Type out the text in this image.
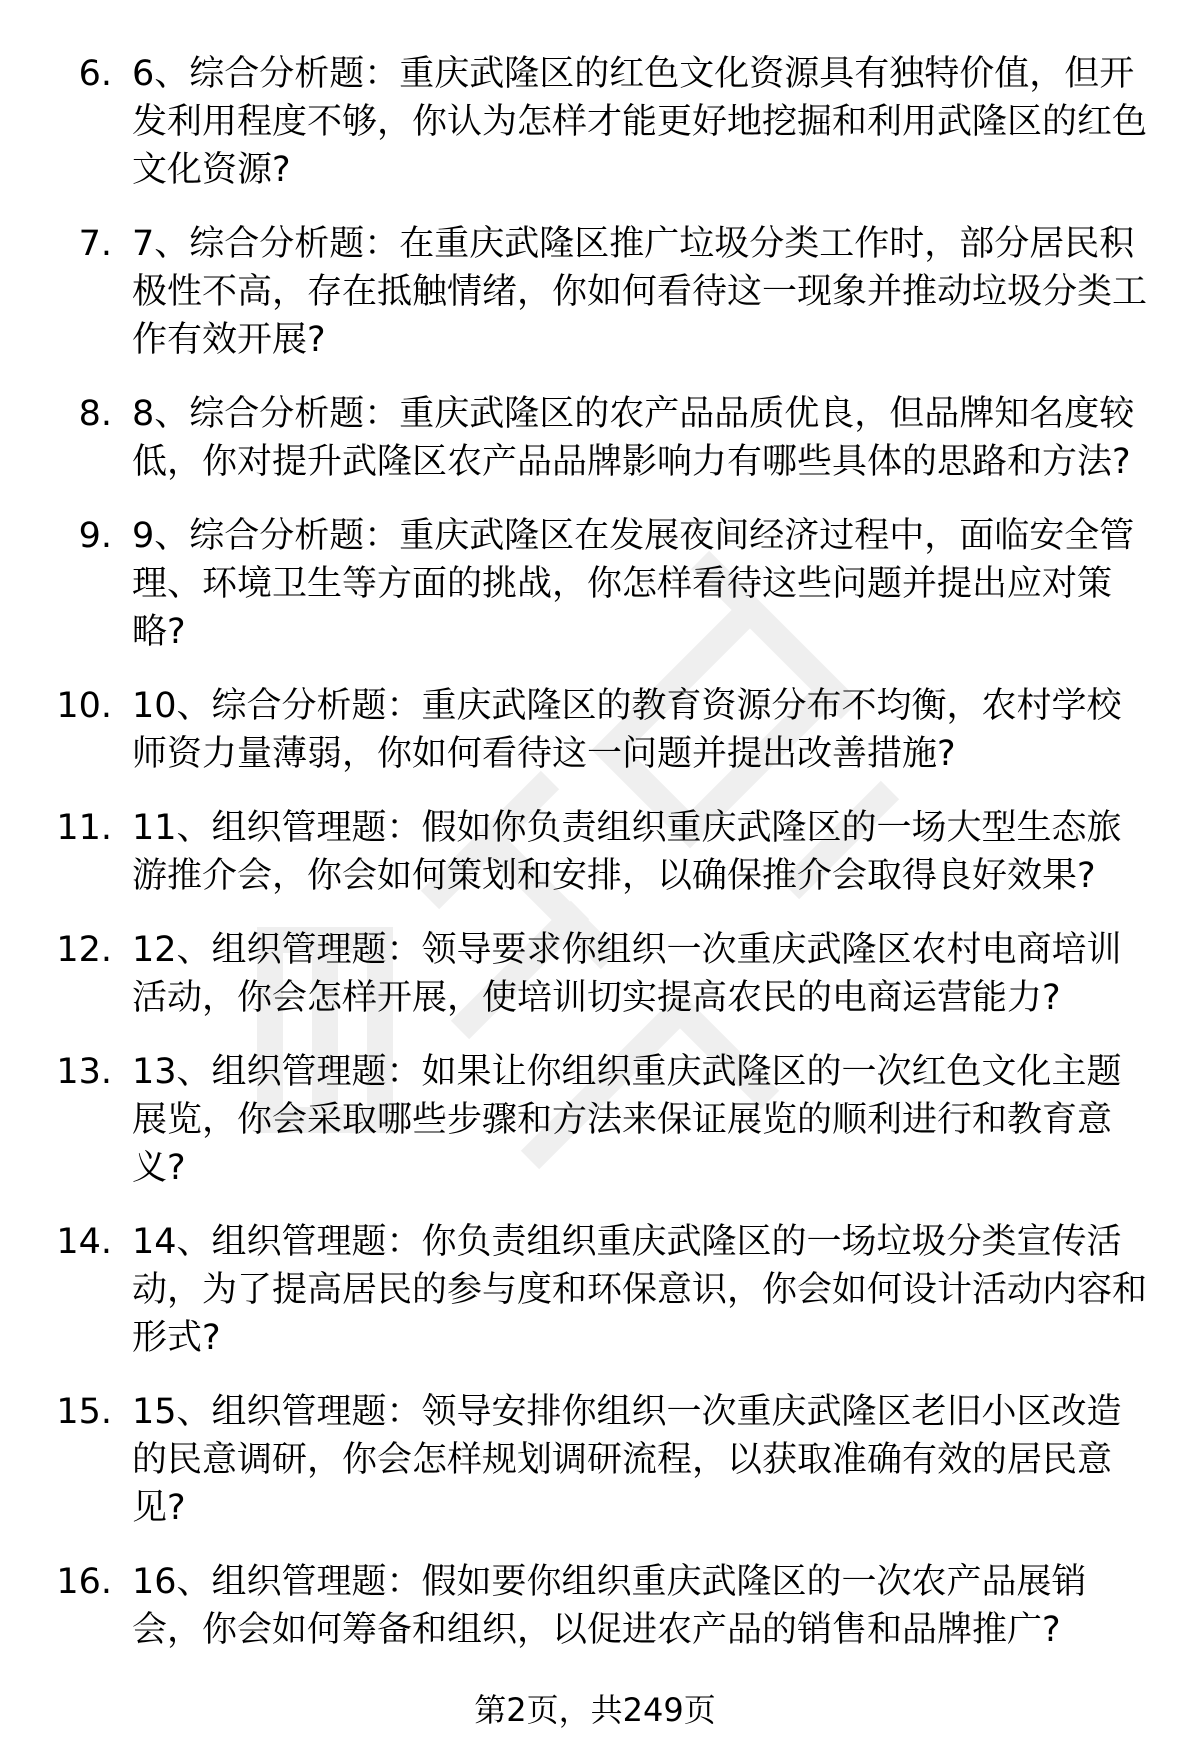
6. 6、综合分析题：重庆武隆区的红色文化资源具有独特价值，但开发利用程度不够，你认为怎样才能更好地挖掘和利用武隆区的红色文化资源?
7. 7、综合分析题：在重庆武隆区推广垃圾分类工作时，部分居民积极性不高，存在抵触情绪，你如何看待这一现象并推动垃圾分类工作有效开展?
8. 8、综合分析题：重庆武隆区的农产品品质优良，但品牌知名度较低，你对提升武隆区农产品品牌影响力有哪些具体的思路和方法?
9. 9、综合分析题：重庆武隆区在发展夜间经济过程中，面临安全管理、环境卫生等方面的挑战，你怎样看待这些问题并提出应对策略?
10. 10、综合分析题：重庆武隆区的教育资源分布不均衡，农村学校师资力量薄弱，你如何看待这一问题并提出改善措施?
11. 11、组织管理题：假如你负责组织重庆武隆区的一场大型生态旅游推介会，你会如何策划和安排，以确保推介会取得良好效果?
12. 12、组织管理题：领导要求你组织一次重庆武隆区农村电商培训活动，你会怎样开展，使培训切实提高农民的电商运营能力?
13. 13、组织管理题：如果让你组织重庆武隆区的一次红色文化主题展览，你会采取哪些步骤和方法来保证展览的顺利进行和教育意义?
14. 14、组织管理题：你负责组织重庆武隆区的一场垃圾分类宣传活动，为了提高居民的参与度和环保意识，你会如何设计活动内容和形式?
15. 15、组织管理题：领导安排你组织一次重庆武隆区老旧小区改造的民意调研，你会怎样规划调研流程，以获取准确有效的居民意见?
16. 16、组织管理题：假如要你组织重庆武隆区的一次农产品展销会，你会如何筹备和组织，以促进农产品的销售和品牌推广?
第2页，共249页
